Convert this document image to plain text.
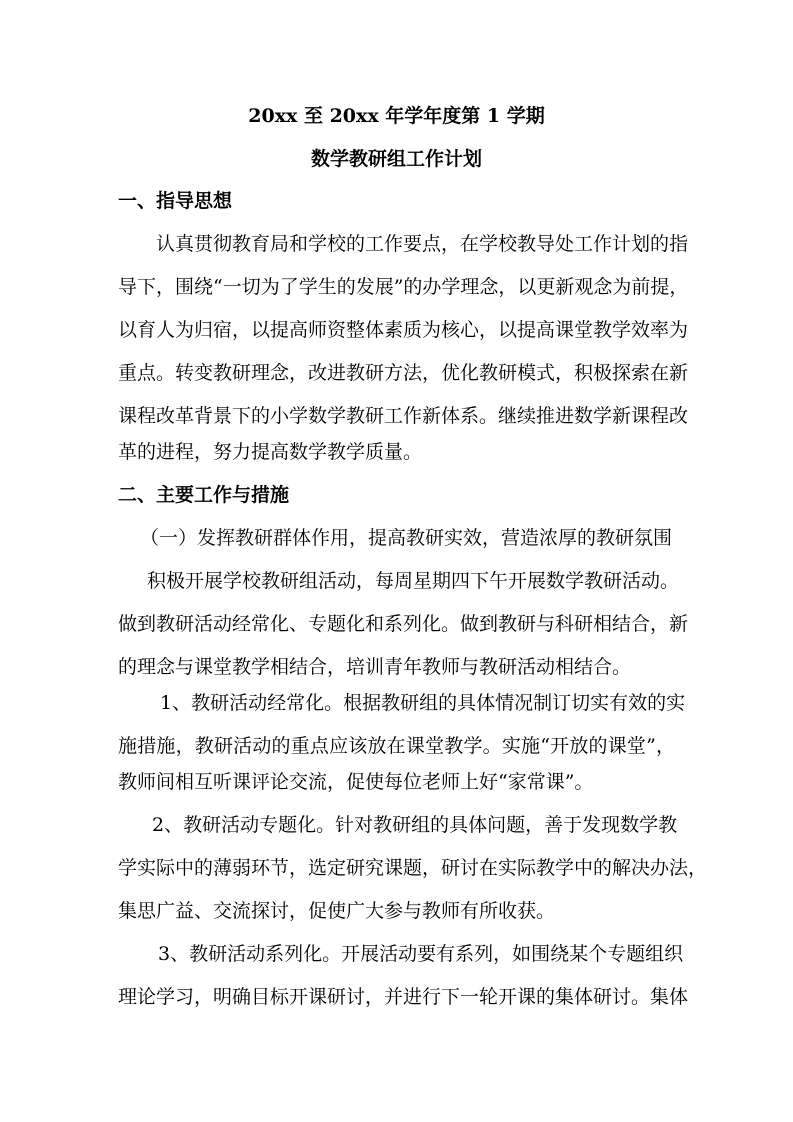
20xx 至 20xx 年学年度第 1 学期
数学教研组工作计划
一、指导思想
认真贯彻教育局和学校的工作要点，在学校教导处工作计划的指
导下，围绕“一切为了学生的发展”的办学理念，以更新观念为前提，
以育人为归宿，以提高师资整体素质为核心，以提高课堂教学效率为
重点。转变教研理念，改进教研方法，优化教研模式，积极探索在新
课程改革背景下的小学数学教研工作新体系。继续推进数学新课程改
革的进程，努力提高数学教学质量。
二、主要工作与措施
（一）发挥教研群体作用，提高教研实效，营造浓厚的教研氛围
积极开展学校教研组活动，每周星期四下午开展数学教研活动。
做到教研活动经常化、专题化和系列化。做到教研与科研相结合，新
的理念与课堂教学相结合，培训青年教师与教研活动相结合。
1、教研活动经常化。根据教研组的具体情况制订切实有效的实
施措施，教研活动的重点应该放在课堂教学。实施“开放的课堂”，
教师间相互听课评论交流，促使每位老师上好“家常课”。
2、教研活动专题化。针对教研组的具体问题，善于发现数学教
学实际中的薄弱环节，选定研究课题，研讨在实际教学中的解决办法，
集思广益、交流探讨，促使广大参与教师有所收获。
3、教研活动系列化。开展活动要有系列，如围绕某个专题组织
理论学习，明确目标开课研讨，并进行下一轮开课的集体研讨。集体
